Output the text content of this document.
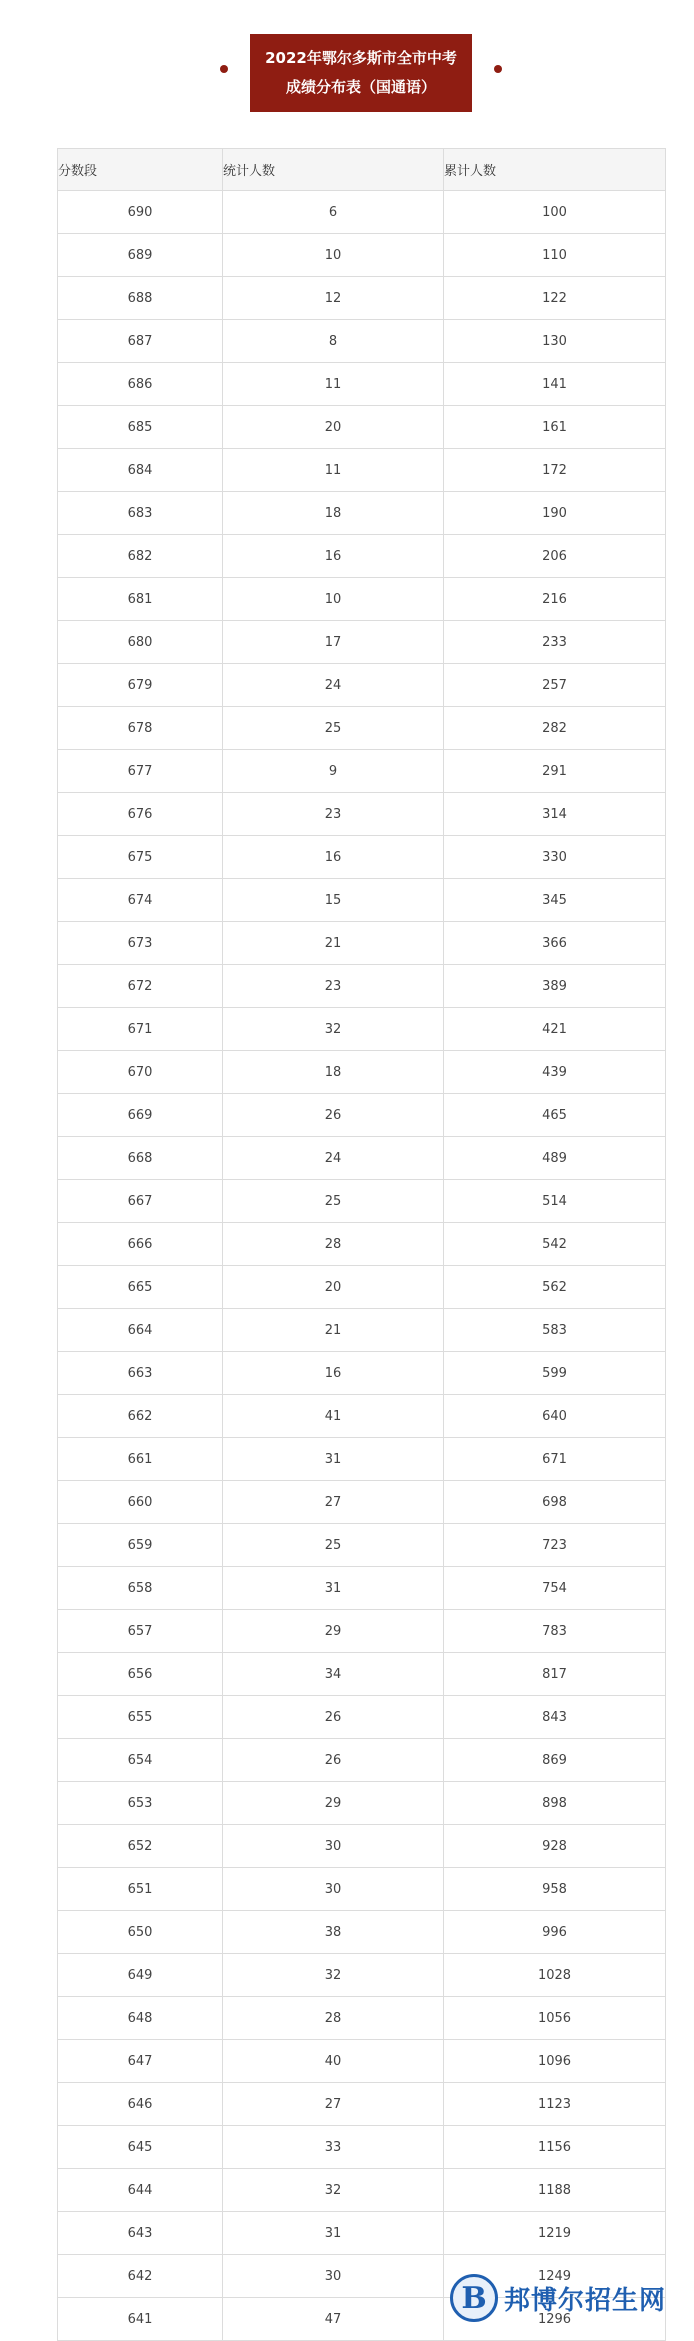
2022年鄂尔多斯市全市中考
成绩分布表（国通语）
分数段	统计人数	累计人数
690	6	100
689	10	110
688	12	122
687	8	130
686	11	141
685	20	161
684	11	172
683	18	190
682	16	206
681	10	216
680	17	233
679	24	257
678	25	282
677	9	291
676	23	314
675	16	330
674	15	345
673	21	366
672	23	389
671	32	421
670	18	439
669	26	465
668	24	489
667	25	514
666	28	542
665	20	562
664	21	583
663	16	599
662	41	640
661	31	671
660	27	698
659	25	723
658	31	754
657	29	783
656	34	817
655	26	843
654	26	869
653	29	898
652	30	928
651	30	958
650	38	996
649	32	1028
648	28	1056
647	40	1096
646	27	1123
645	33	1156
644	32	1188
643	31	1219
642	30	1249
641	47	1296
B 邦博尔招生网
